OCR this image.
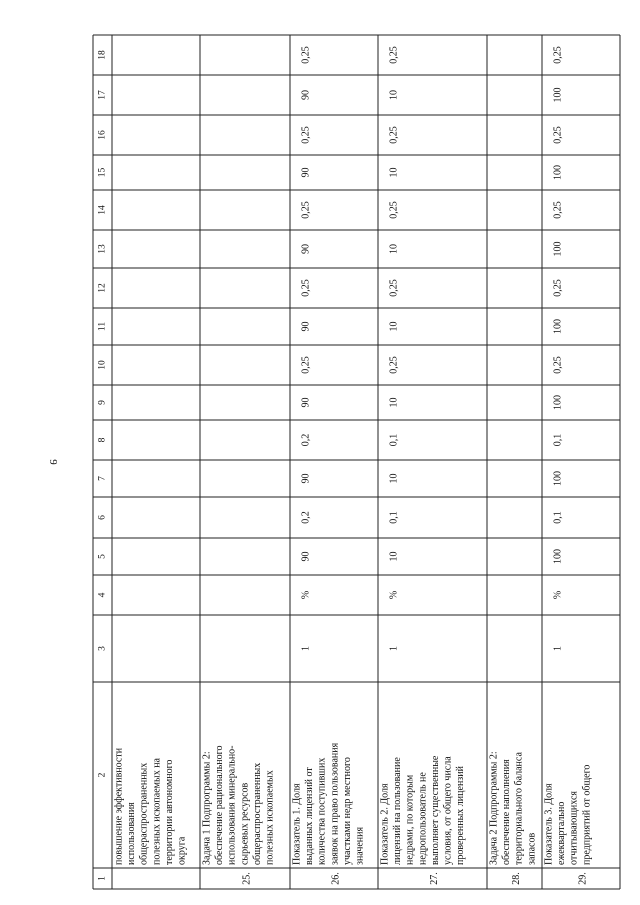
9
1
2
3
4
5
6
7
8
9
10
11
12
13
14
15
16
17
18
повышение эффективности использования общераспространенных полезных ископаемых на территории автономного округа
25.
Задача 1 Подпрограммы 2: обеспечение рационального использования минерально- сырьевых ресурсов общераспространенных полезных ископаемых
26.
Показатель 1. Доля выданных лицензий от количества поступивших заявок на право пользования участками недр местного значения
1
%
90
0,2
90
0,2
90
0,25
90
0,25
90
0,25
90
0,25
90
0,25
27.
Показатель 2. Доля лицензий на пользование недрами, по которым недропользователь не выполняет существенные условия, от общего числа проверенных лицензий
1
%
10
0,1
10
0,1
10
0,25
10
0,25
10
0,25
10
0,25
10
0,25
28.
Задача 2 Подпрограммы 2: обеспечение наполнения территориального баланса запасов
29.
Показатель 3. Доля ежеквартально отчитывающихся предприятий от общего
1
%
100
0,1
100
0,1
100
0,25
100
0,25
100
0,25
100
0,25
100
0,25
